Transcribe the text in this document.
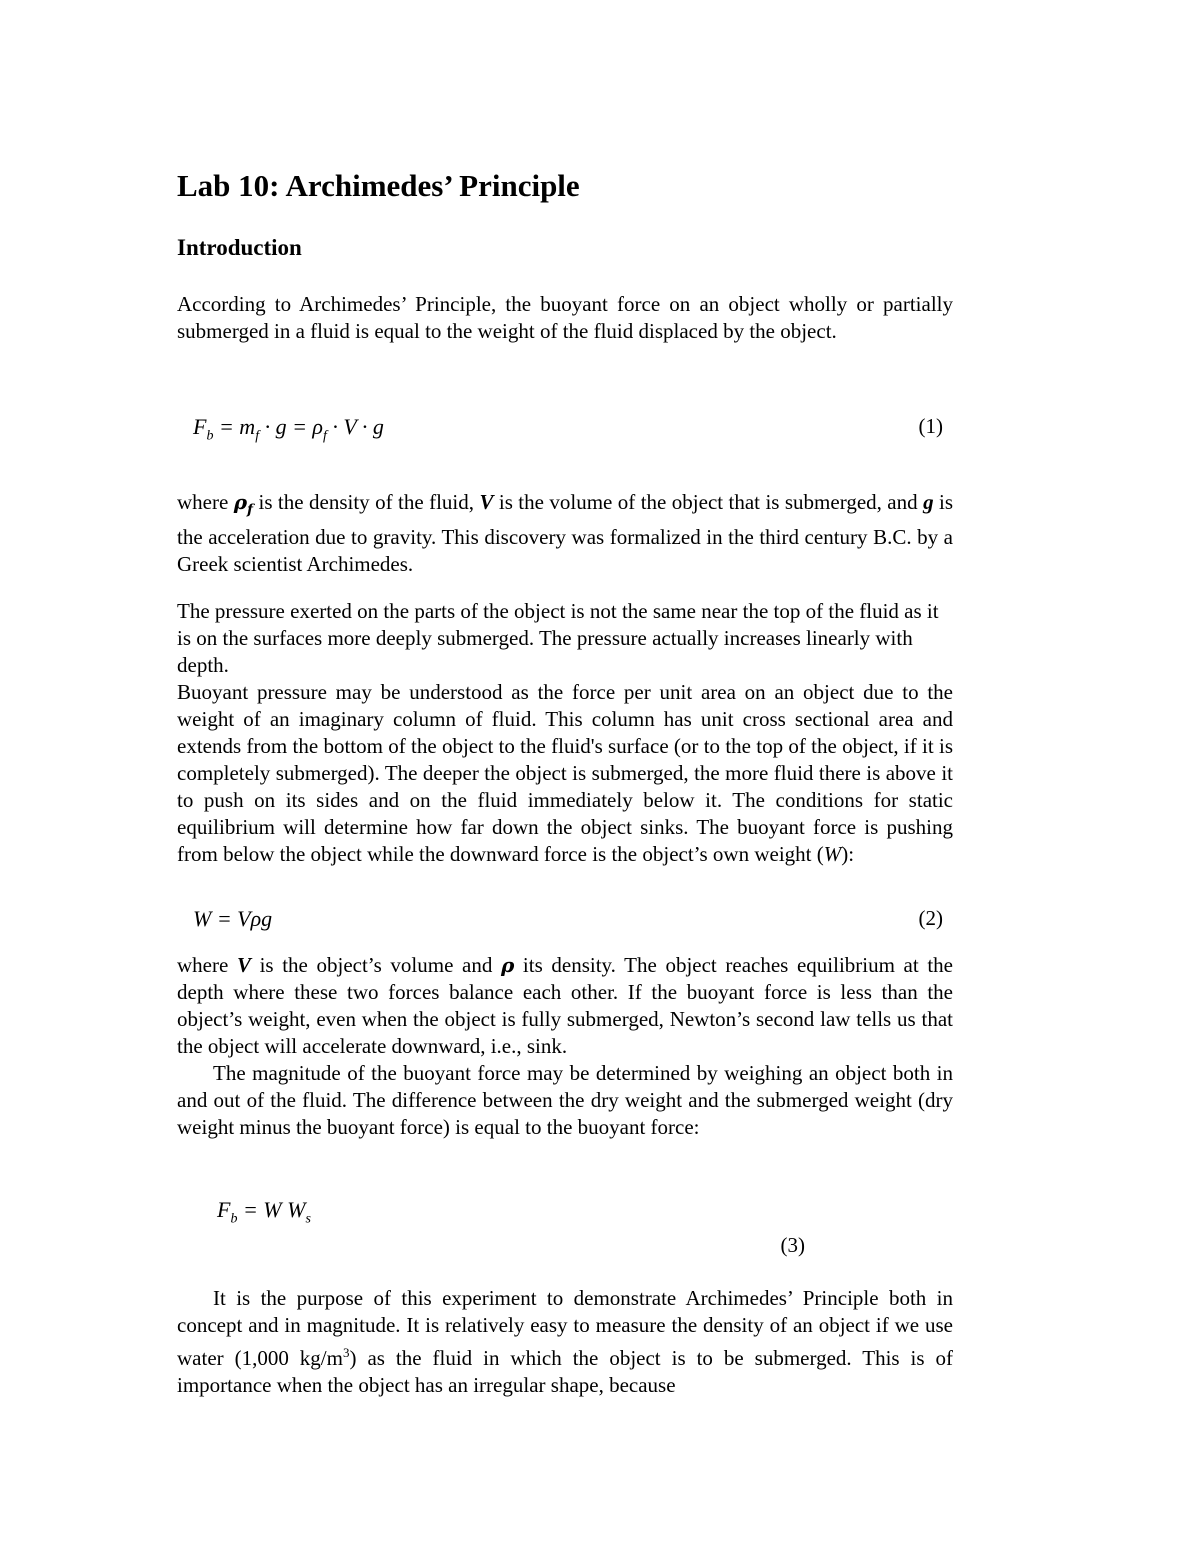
Lab 10: Archimedes’ Principle
Introduction

According to Archimedes’ Principle, the buoyant force on an object wholly or partially submerged in a fluid is equal to the weight of the fluid displaced by the object.

$F_b = m_f \cdot g = \rho_f \cdot V \cdot g$	(1)

where $\rho_f$ is the density of the fluid, V is the volume of the object that is submerged, and g is the acceleration due to gravity. This discovery was formalized in the third century B.C. by a Greek scientist Archimedes.

The pressure exerted on the parts of the object is not the same near the top of the fluid as it is on the surfaces more deeply submerged. The pressure actually increases linearly with depth.

Buoyant pressure may be understood as the force per unit area on an object due to the weight of an imaginary column of fluid. This column has unit cross sectional area and extends from the bottom of the object to the fluid's surface (or to the top of the object, if it is completely submerged). The deeper the object is submerged, the more fluid there is above it to push on its sides and on the fluid immediately below it. The conditions for static equilibrium will determine how far down the object sinks. The buoyant force is pushing from below the object while the downward force is the object’s own weight (W):

W = Vρg	(2)

where V is the object’s volume and ρ its density. The object reaches equilibrium at the depth where these two forces balance each other. If the buoyant force is less than the object’s weight, even when the object is fully submerged, Newton’s second law tells us that the object will accelerate downward, i.e., sink.

The magnitude of the buoyant force may be determined by weighing an object both in and out of the fluid. The difference between the dry weight and the submerged weight (dry weight minus the buoyant force) is equal to the buoyant force:

$F_b = W$ $W_s$
(3)

It is the purpose of this experiment to demonstrate Archimedes’ Principle both in concept and in magnitude. It is relatively easy to measure the density of an object if we use water (1,000 $kg/m^3$) as the fluid in which the object is to be submerged. This is of importance when the object has an irregular shape, because
